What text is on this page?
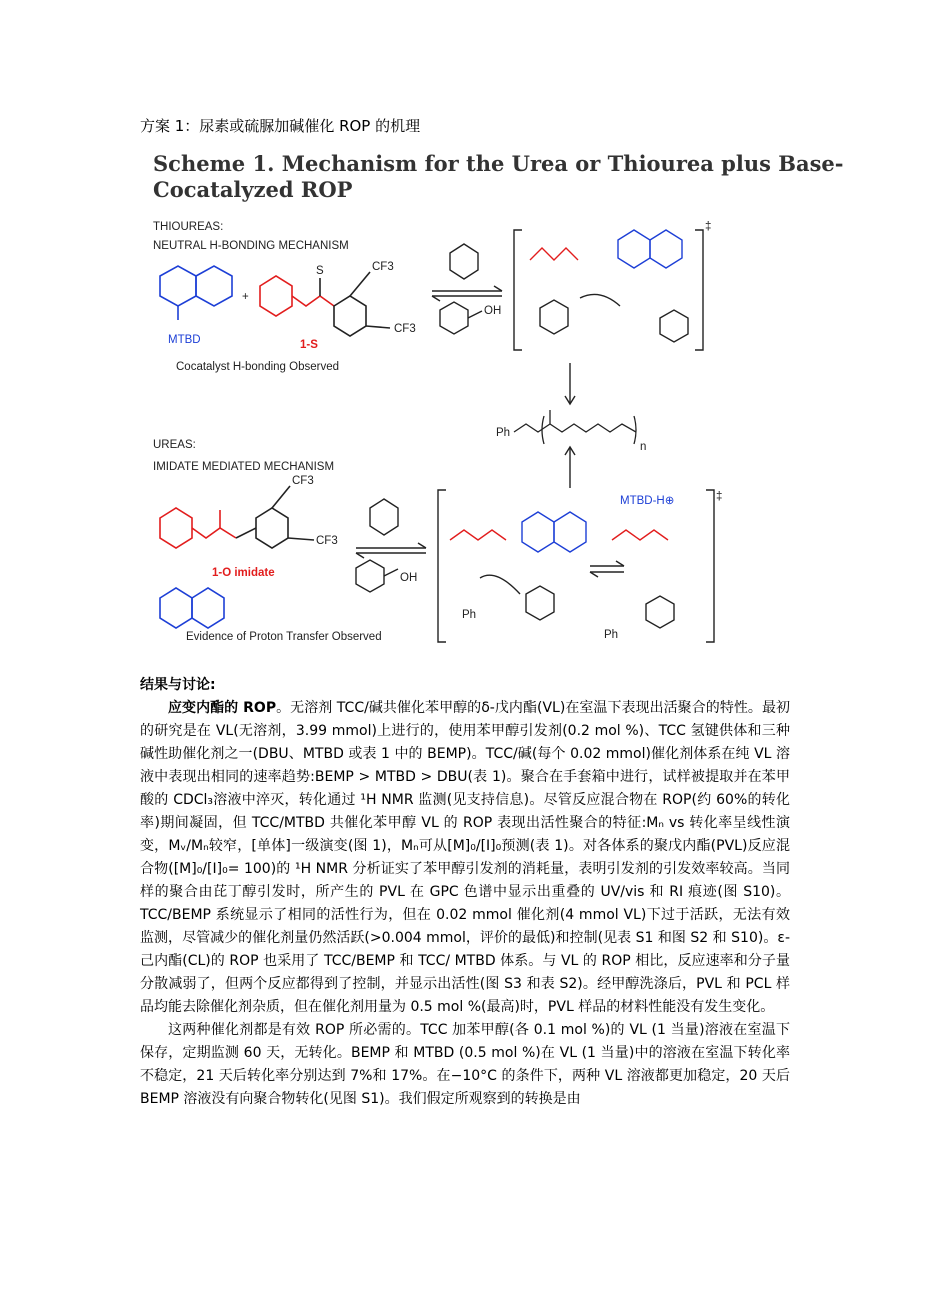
方案 1：尿素或硫脲加碱催化 ROP 的机理
Scheme 1. Mechanism for the Urea or Thiourea plus Base-
Cocatalyzed ROP
THIOUREAS:
NEUTRAL H-BONDING MECHANISM
MTBD
+
S	CF3
CF3
1-S
Cocatalyst H-bonding Observed
OH
‡
Ph
n
UREAS:
IMIDATE MEDIATED MECHANISM
CF3
CF3
1-O imidate
Evidence of Proton Transfer Observed
OH
MTBD-H⊕
Ph
Ph
‡
结果与讨论:

应变内酯的 ROP。无溶剂 TCC/碱共催化苯甲醇的δ-戊内酯(VL)在室温下表现出活聚合的特性。最初的研究是在 VL(无溶剂，3.99 mmol)上进行的，使用苯甲醇引发剂(0.2 mol %)、TCC 氢键供体和三种碱性助催化剂之一(DBU、MTBD 或表 1 中的 BEMP)。TCC/碱(每个 0.02 mmol)催化剂体系在纯 VL 溶液中表现出相同的速率趋势:BEMP > MTBD > DBU(表 1)。聚合在手套箱中进行，试样被提取并在苯甲酸的 CDCl₃溶液中淬灭，转化通过 ¹H NMR 监测(见支持信息)。尽管反应混合物在 ROP(约 60%的转化率)期间凝固，但 TCC/MTBD 共催化苯甲醇 VL 的 ROP 表现出活性聚合的特征:Mₙ vs 转化率呈线性演变，Mᵥ/Mₙ较窄，[单体]一级演变(图 1)，Mₙ可从[M]₀/[I]₀预测(表 1)。对各体系的聚戊内酯(PVL)反应混合物([M]₀/[I]₀= 100)的 ¹H NMR 分析证实了苯甲醇引发剂的消耗量，表明引发剂的引发效率较高。当同样的聚合由芘丁醇引发时，所产生的 PVL 在 GPC 色谱中显示出重叠的 UV/vis 和 RI 痕迹(图 S10)。TCC/BEMP 系统显示了相同的活性行为，但在 0.02 mmol 催化剂(4 mmol VL)下过于活跃，无法有效监测，尽管减少的催化剂量仍然活跃(>0.004 mmol，评价的最低)和控制(见表 S1 和图 S2 和 S10)。ε-己内酯(CL)的 ROP 也采用了 TCC/BEMP 和 TCC/ MTBD 体系。与 VL 的 ROP 相比，反应速率和分子量分散减弱了，但两个反应都得到了控制，并显示出活性(图 S3 和表 S2)。经甲醇洗涤后，PVL 和 PCL 样品均能去除催化剂杂质，但在催化剂用量为 0.5 mol %(最高)时，PVL 样品的材料性能没有发生变化。

这两种催化剂都是有效 ROP 所必需的。TCC 加苯甲醇(各 0.1 mol %)的 VL (1 当量)溶液在室温下保存，定期监测 60 天，无转化。BEMP 和 MTBD (0.5 mol %)在 VL (1 当量)中的溶液在室温下转化率不稳定，21 天后转化率分别达到 7%和 17%。在−10°C 的条件下，两种 VL 溶液都更加稳定，20 天后 BEMP 溶液没有向聚合物转化(见图 S1)。我们假定所观察到的转换是由
